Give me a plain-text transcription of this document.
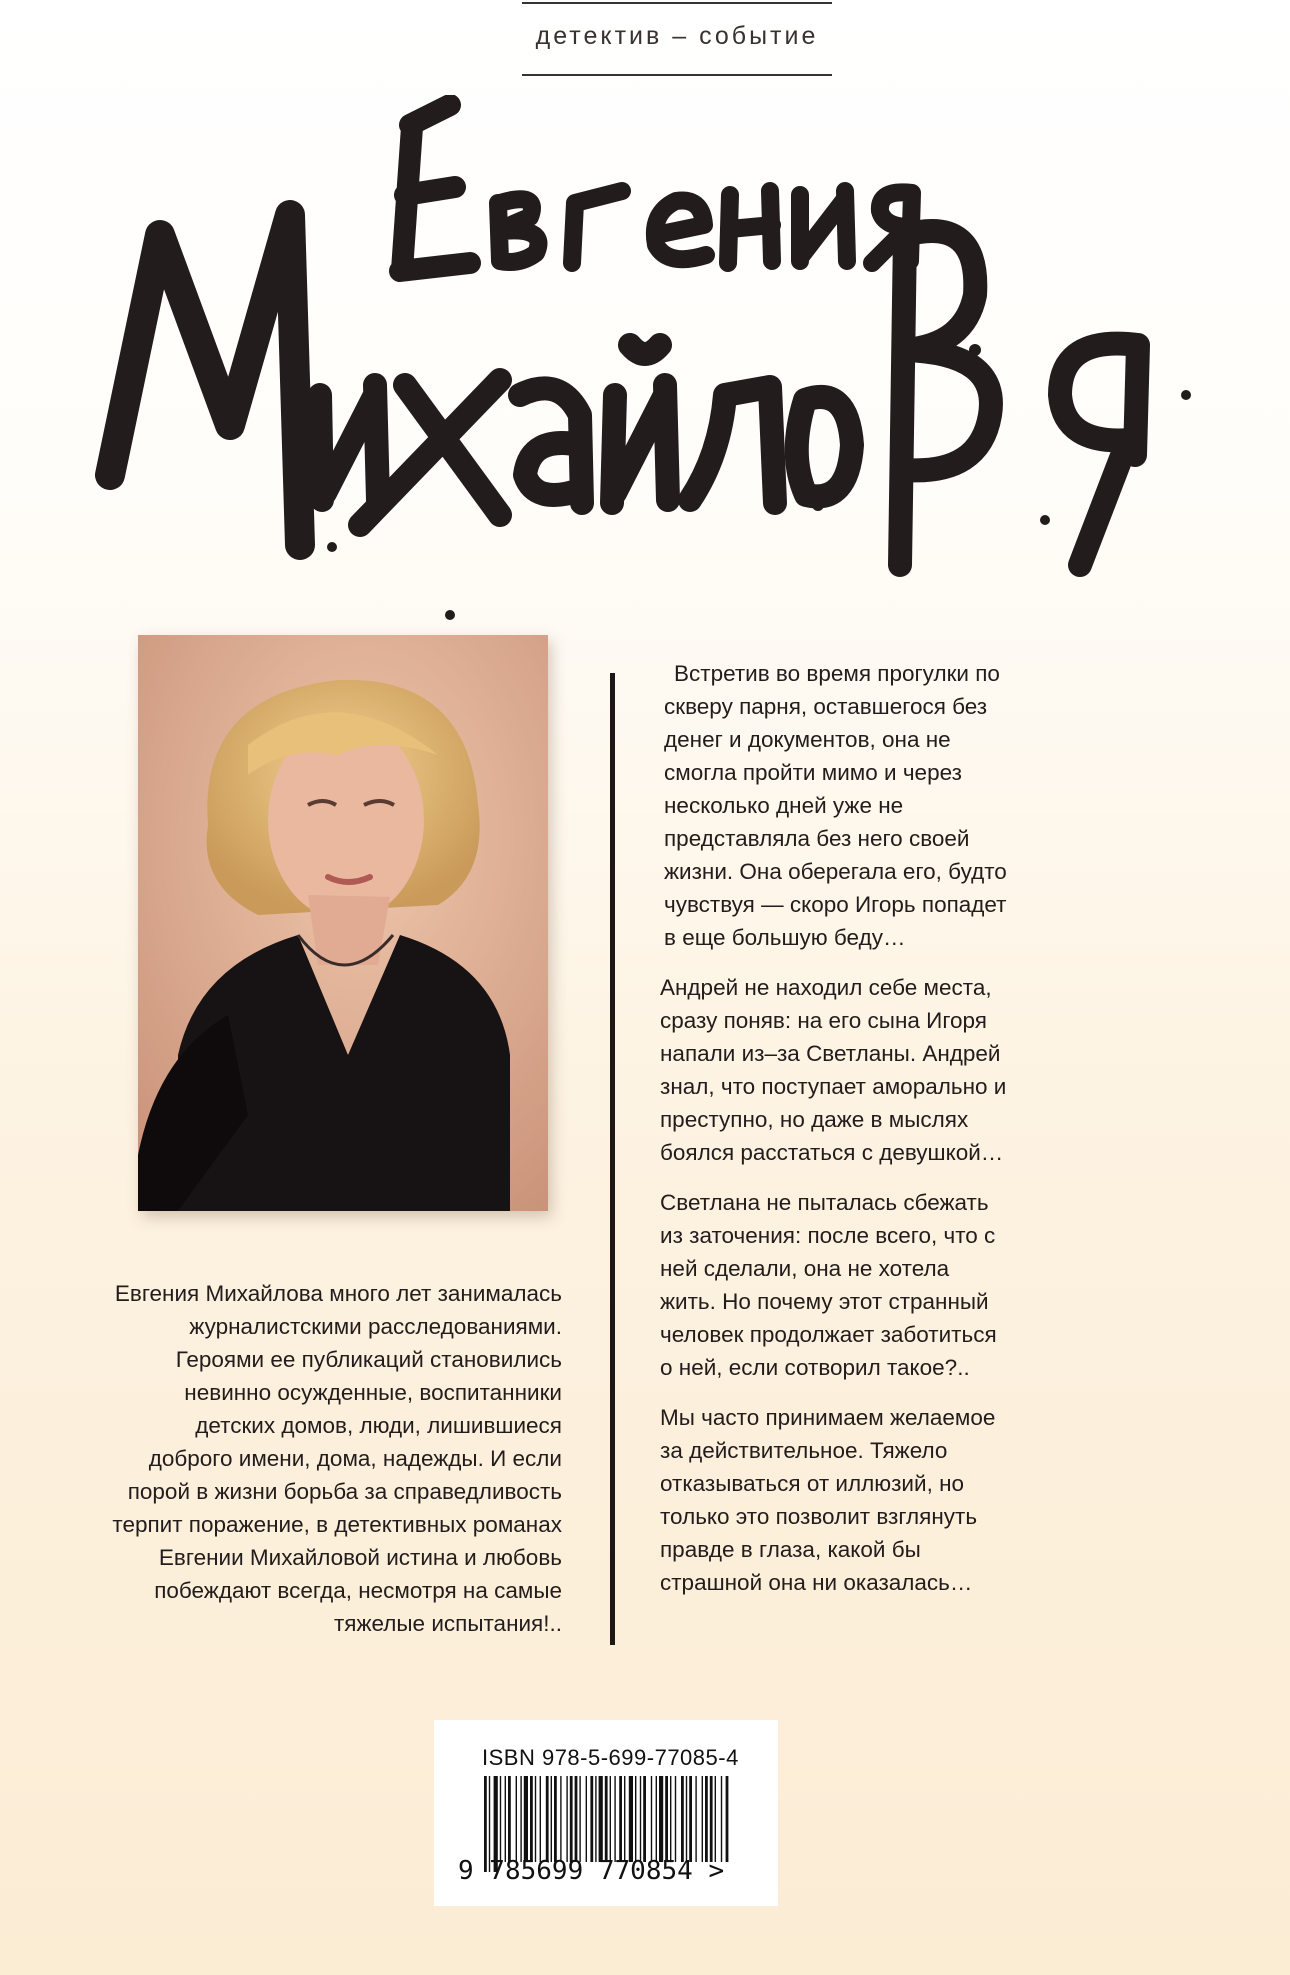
детектив – событие
Евгения Михайлова много лет занималась журналистскими расследованиями. Героями ее публикаций становились невинно осужденные, воспитанники детских домов, люди, лишившиеся доброго имени, дома, надежды. И если порой в жизни борьба за справедливость терпит поражение, в детективных романах Евгении Михайловой истина и любовь побеждают всегда, несмотря на самые тяжелые испытания!..

Встретив во время прогулки по скверу парня, оставшегося без денег и документов, она не смогла пройти мимо и через несколько дней уже не представляла без него своей жизни. Она оберегала его, будто чувствуя — скоро Игорь попадет в еще большую беду…

Андрей не находил себе места, сразу поняв: на его сына Игоря напали из–за Светланы. Андрей знал, что поступает аморально и преступно, но даже в мыслях боялся расстаться с девушкой…

Светлана не пыталась сбежать из заточения: после всего, что с ней сделали, она не хотела жить. Но почему этот странный человек продолжает заботиться о ней, если сотворил такое?..

Мы часто принимаем желаемое за действительное. Тяжело отказываться от иллюзий, но только это позволит взглянуть правде в глаза, какой бы страшной она ни оказалась…

ISBN 978-5-699-77085-4
9 785699 770854 >
